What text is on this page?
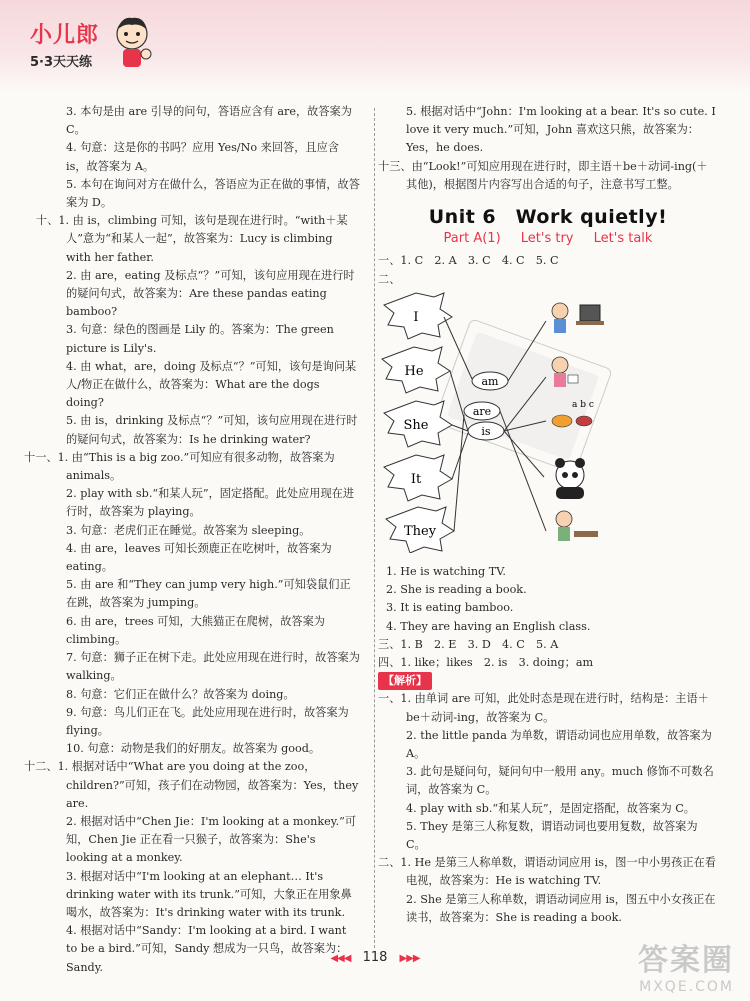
小儿郎
5·3天天练

3. 本句是由 are 引导的问句，答语应含有 are，故答案为 C。

4. 句意：这是你的书吗？应用 Yes/No 来回答，且应含 is，故答案为 A。

5. 本句在询问对方在做什么，答语应为正在做的事情，故答案为 D。

十、1. 由 is，climbing 可知，该句是现在进行时。“with＋某人”意为“和某人一起”，故答案为：Lucy is climbing with her father.

2. 由 are，eating 及标点“？”可知，该句应用现在进行时的疑问句式，故答案为：Are these pandas eating bamboo?

3. 句意：绿色的图画是 Lily 的。答案为：The green picture is Lily's.

4. 由 what，are，doing 及标点“？”可知，该句是询问某人/物正在做什么，故答案为：What are the dogs doing?

5. 由 is，drinking 及标点“？”可知，该句应用现在进行时的疑问句式，故答案为：Is he drinking water?

十一、1. 由“This is a big zoo.”可知应有很多动物，故答案为 animals。

2. play with sb.“和某人玩”，固定搭配。此处应用现在进行时，故答案为 playing。

3. 句意：老虎们正在睡觉。故答案为 sleeping。

4. 由 are，leaves 可知长颈鹿正在吃树叶，故答案为 eating。

5. 由 are 和“They can jump very high.”可知袋鼠们正在跳，故答案为 jumping。

6. 由 are，trees 可知，大熊猫正在爬树，故答案为 climbing。

7. 句意：狮子正在树下走。此处应用现在进行时，故答案为 walking。

8. 句意：它们正在做什么？故答案为 doing。

9. 句意：鸟儿们正在飞。此处应用现在进行时，故答案为 flying。

10. 句意：动物是我们的好朋友。故答案为 good。

十二、1. 根据对话中“What are you doing at the zoo，children?”可知，孩子们在动物园，故答案为：Yes，they are.

2. 根据对话中“Chen Jie：I'm looking at a monkey.”可知，Chen Jie 正在看一只猴子，故答案为：She's looking at a monkey.

3. 根据对话中“I'm looking at an elephant… It's drinking water with its trunk.”可知，大象正在用象鼻喝水，故答案为：It's drinking water with its trunk.

4. 根据对话中“Sandy：I'm looking at a bird. I want to be a bird.”可知，Sandy 想成为一只鸟，故答案为：Sandy.

5. 根据对话中“John：I'm looking at a bear. It's so cute. I love it very much.”可知，John 喜欢这只熊，故答案为：Yes，he does.

十三、由“Look!”可知应用现在进行时，即主语＋be＋动词-ing(＋其他)，根据图片内容写出合适的句子，注意书写工整。

Unit 6　Work quietly!
Part A(1) Let's try Let's talk

一、1. C　2. A　3. C　4. C　5. C

二、

I
He
She
It
They
am
is
are	a b c

1. He is watching TV.

2. She is reading a book.

3. It is eating bamboo.

4. They are having an English class.

三、1. B　2. E　3. D　4. C　5. A

四、1. like；likes　2. is　3. doing；am

【解析】

一、1. 由单词 are 可知，此处时态是现在进行时，结构是：主语＋be＋动词-ing，故答案为 C。

2. the little panda 为单数，谓语动词也应用单数，故答案为 A。

3. 此句是疑问句，疑问句中一般用 any。much 修饰不可数名词，故答案为 C。

4. play with sb.“和某人玩”，是固定搭配，故答案为 C。

5. They 是第三人称复数，谓语动词也要用复数，故答案为 C。

二、1. He 是第三人称单数，谓语动词应用 is，图一中小男孩正在看电视，故答案为：He is watching TV.

2. She 是第三人称单数，谓语动词应用 is，图五中小女孩正在读书，故答案为：She is reading a book.

◀◀◀ 118 ▶▶▶	答案圈
MXQE.COM
